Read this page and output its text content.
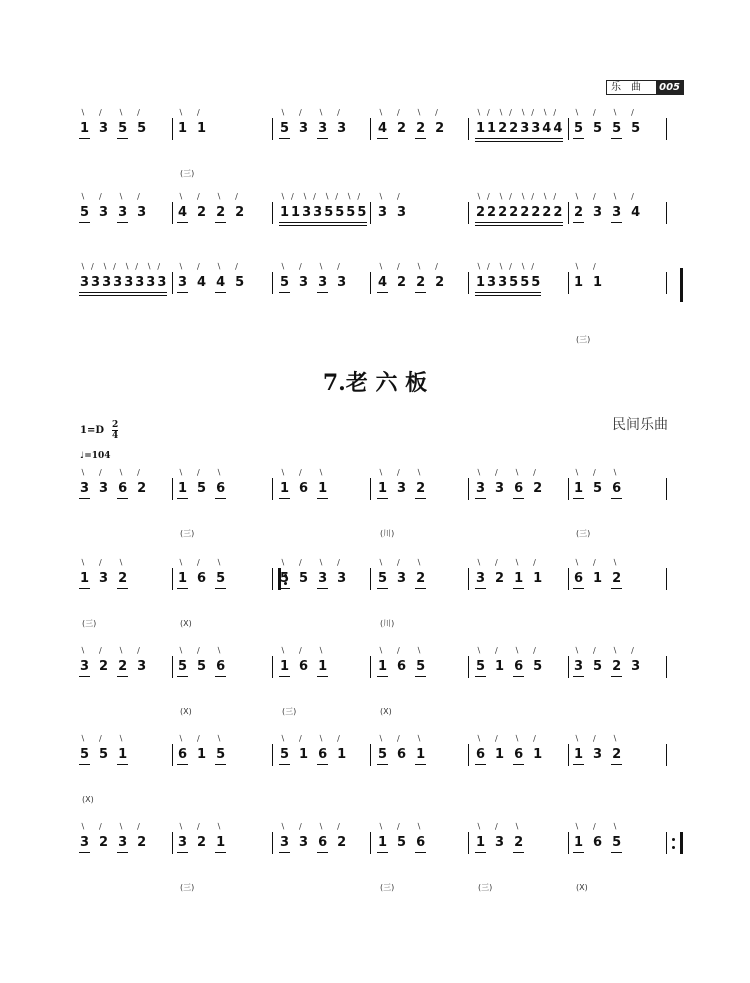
乐曲 005
1
∖
3
∕
5
∖
5
∕
1
∖
1
∕
5
∖
3
∕
3
∖
3
∕
4
∖
2
∕
2
∖
2
∕
1
∖
1
∕
2
∖
2
∕
3
∖
3
∕
4
∖
4
∕
5
∖
5
∕
5
∖
5
∕

(三)
5
∖
3
∕
3
∖
3
∕
4
∖
2
∕
2
∖
2
∕
1
∖
1
∕
3
∖
3
∕
5
∖
5
∕
5
∖
5
∕
3
∖
3
∕
2
∖
2
∕
2
∖
2
∕
2
∖
2
∕
2
∖
2
∕
2
∖
3
∕
3
∖
4
∕
3
∖
3
∕
3
∖
3
∕
3
∖
3
∕
3
∖
3
∕
3
∖
4
∕
4
∖
5
∕
5
∖
3
∕
3
∖
3
∕
4
∖
2
∕
2
∖
2
∕
1
∖
3
∕
3
∖
5
∕
5
∖
5
∕
1
∖
1
∕

(三)
7.老 六 板
民间乐曲
1=D 2
4
♩=104
3
∖
3
∕
6
∖
2
∕
1
∖
5
∕
6
∖
1
∖
6
∕
1
∖
1
∖
3
∕
2
∖
3
∖
3
∕
6
∖
2
∕
1
∖
5
∕
6
∖

(三)	

(川)	

(三)
1
∖
3
∕
2
∖
1
∖
6
∕
5
∖
5
∖
5
∕
3
∖
3
∕
5
∖
3
∕
2
∖
3
∖
2
∕
1
∖
1
∕
6
∖
1
∕
2
∖

(三)	

(X)	

(川)
3
∖
2
∕
2
∖
3
∕
5
∖
5
∕
6
∖
1
∖
6
∕
1
∖
1
∖
6
∕
5
∖
5
∖
1
∕
6
∖
5
∕
3
∖
5
∕
2
∖
3
∕

(X)	

(三)	

(X)
5
∖
5
∕
1
∖
6
∖
1
∕
5
∖
5
∖
1
∕
6
∖
1
∕
5
∖
6
∕
1
∖
6
∖
1
∕
6
∖
1
∕
1
∖
3
∕
2
∖

(X)
3
∖
2
∕
3
∖
2
∕
3
∖
2
∕
1
∖
3
∖
3
∕
6
∖
2
∕
1
∖
5
∕
6
∖
1
∖
3
∕
2
∖
1
∖
6
∕
5
∖

(三)	

(三)	

(三)	

(X)
